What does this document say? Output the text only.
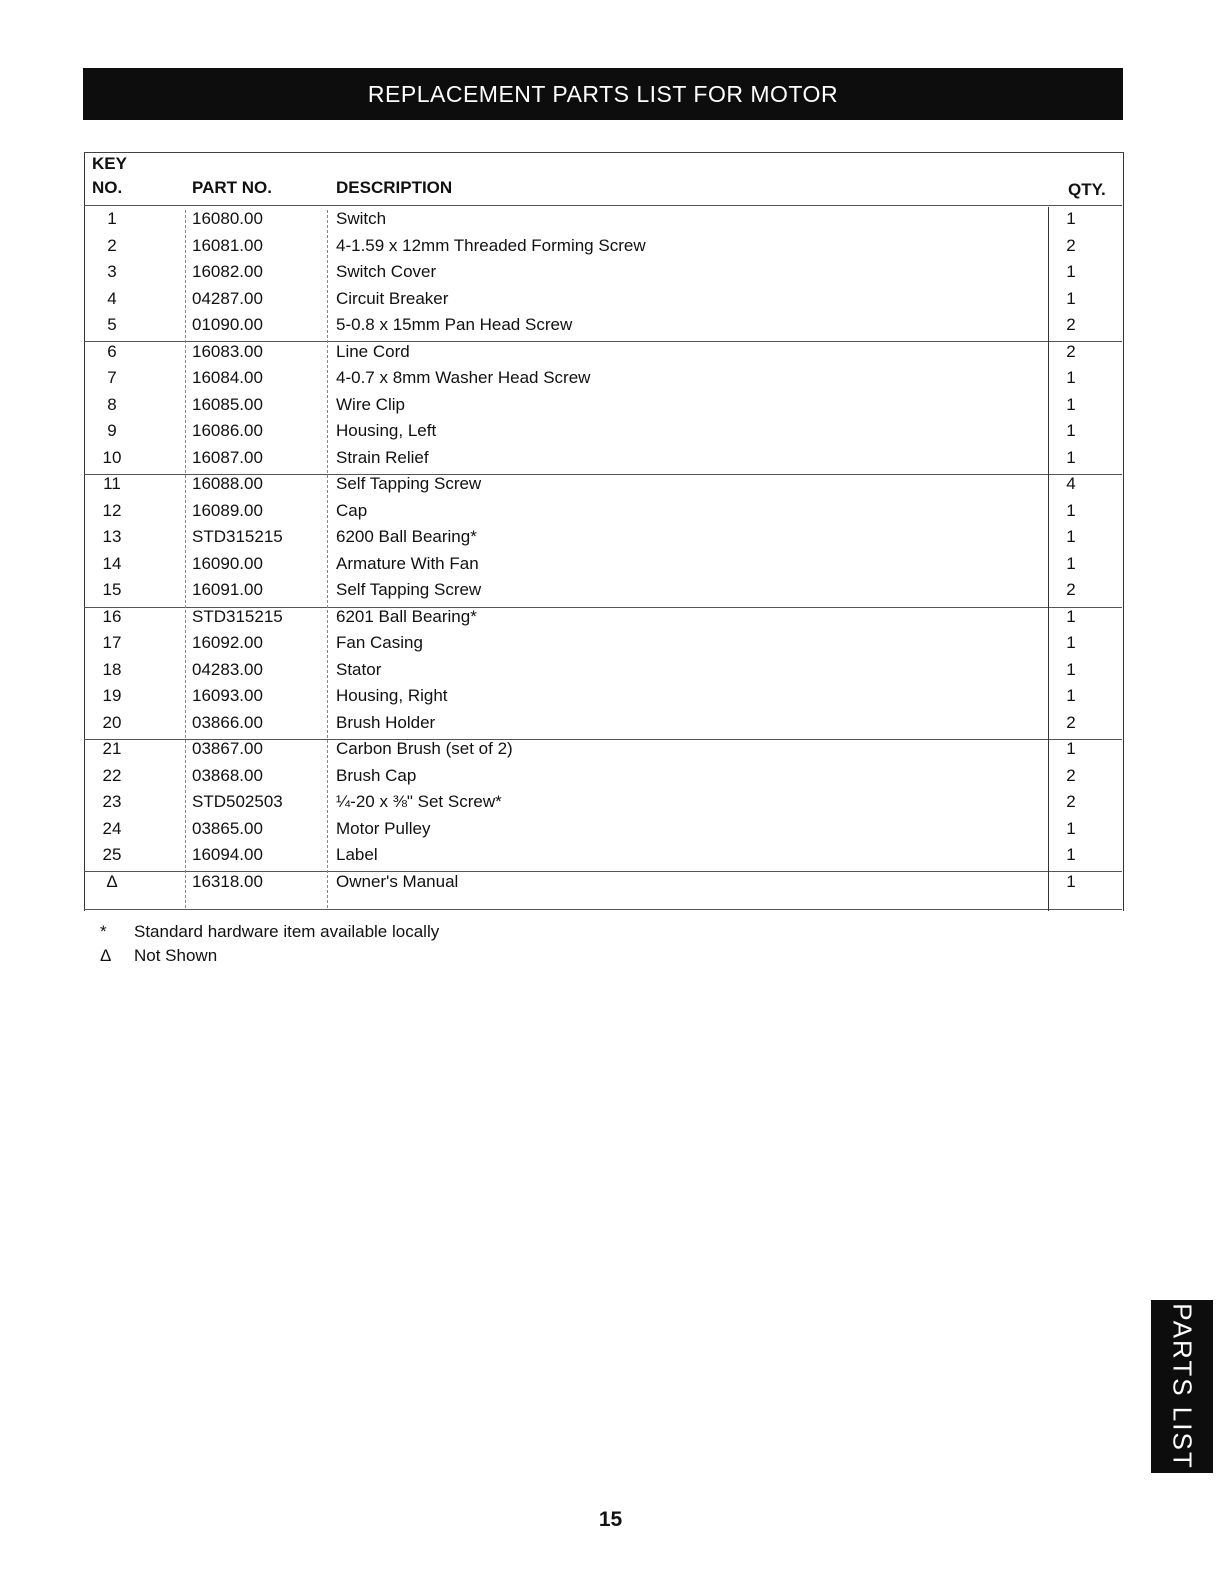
REPLACEMENT PARTS LIST FOR MOTOR
KEY
NO.	PART NO.	DESCRIPTION	QTY.
1	16080.00	Switch	1
2	16081.00	4-1.59 x 12mm Threaded Forming Screw	2
3	16082.00	Switch Cover	1
4	04287.00	Circuit Breaker	1
5	01090.00	5-0.8 x 15mm Pan Head Screw	2
6	16083.00	Line Cord	2
7	16084.00	4-0.7 x 8mm Washer Head Screw	1
8	16085.00	Wire Clip	1
9	16086.00	Housing, Left	1
10	16087.00	Strain Relief	1
11	16088.00	Self Tapping Screw	4
12	16089.00	Cap	1
13	STD315215	6200 Ball Bearing*	1
14	16090.00	Armature With Fan	1
15	16091.00	Self Tapping Screw	2
16	STD315215	6201 Ball Bearing*	1
17	16092.00	Fan Casing	1
18	04283.00	Stator	1
19	16093.00	Housing, Right	1
20	03866.00	Brush Holder	2
21	03867.00	Carbon Brush (set of 2)	1
22	03868.00	Brush Cap	2
23	STD502503	¼-20 x ⅜" Set Screw*	2
24	03865.00	Motor Pulley	1
25	16094.00	Label	1
Δ	16318.00	Owner's Manual	1
* Standard hardware item available locally
Δ Not Shown
PARTS LIST
15
